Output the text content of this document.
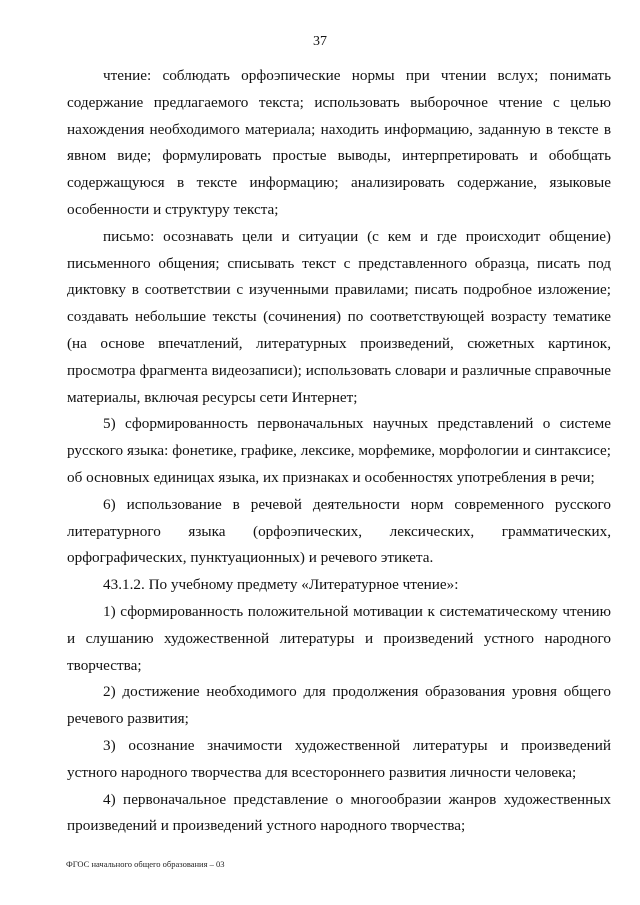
37

чтение: соблюдать орфоэпические нормы при чтении вслух; понимать содержание предлагаемого текста; использовать выборочное чтение с целью нахождения необходимого материала; находить информацию, заданную в тексте в явном виде; формулировать простые выводы, интерпретировать и обобщать содержащуюся в тексте информацию; анализировать содержание, языковые особенности и структуру текста;

письмо: осознавать цели и ситуации (с кем и где происходит общение) письменного общения; списывать текст с представленного образца, писать под диктовку в соответствии с изученными правилами; писать подробное изложение; создавать небольшие тексты (сочинения) по соответствующей возрасту тематике (на основе впечатлений, литературных произведений, сюжетных картинок, просмотра фрагмента видеозаписи); использовать словари и различные справочные материалы, включая ресурсы сети Интернет;

5) сформированность первоначальных научных представлений о системе русского языка: фонетике, графике, лексике, морфемике, морфологии и синтаксисе; об основных единицах языка, их признаках и особенностях употребления в речи;

6) использование в речевой деятельности норм современного русского литературного языка (орфоэпических, лексических, грамматических, орфографических, пунктуационных) и речевого этикета.

43.1.2. По учебному предмету «Литературное чтение»:

1) сформированность положительной мотивации к систематическому чтению и слушанию художественной литературы и произведений устного народного творчества;

2) достижение необходимого для продолжения образования уровня общего речевого развития;

3) осознание значимости художественной литературы и произведений устного народного творчества для всестороннего развития личности человека;

4) первоначальное представление о многообразии жанров художественных произведений и произведений устного народного творчества;

ФГОС начального общего образования – 03
